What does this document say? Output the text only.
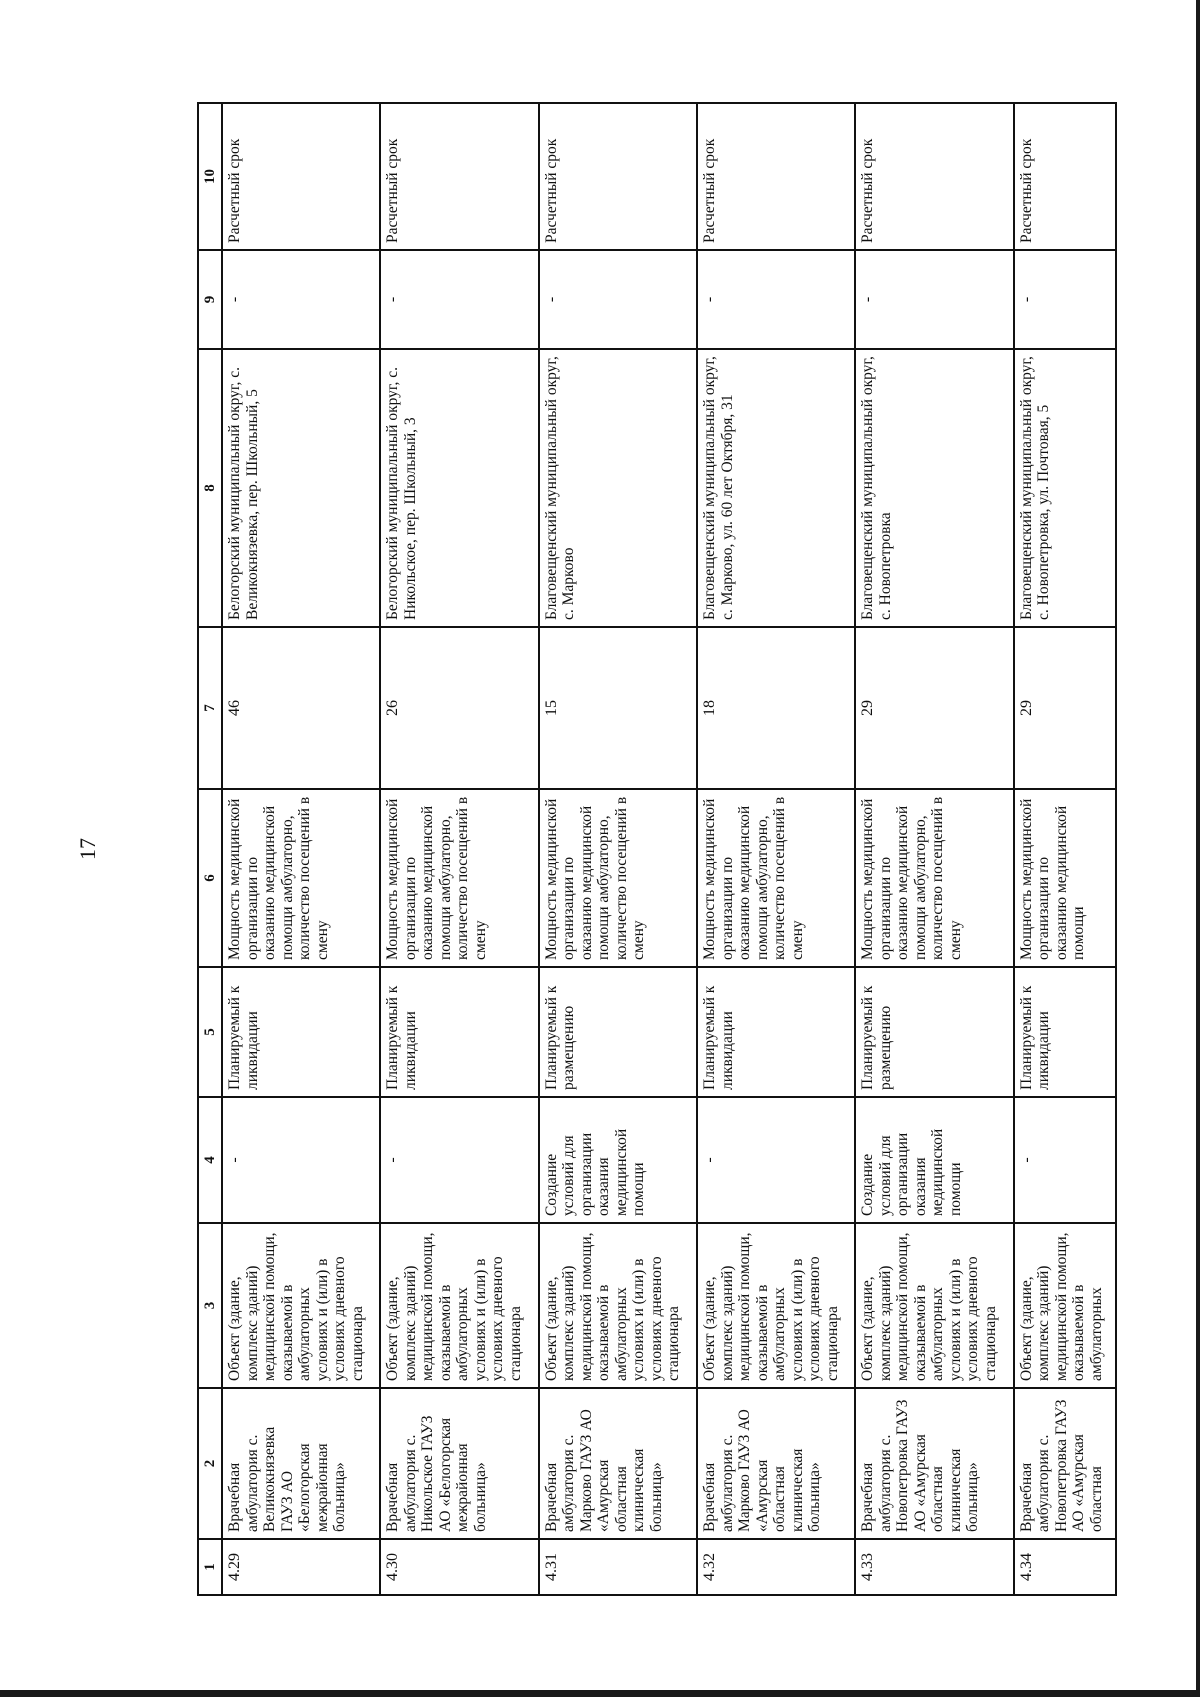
17
1	2	3	4	5	6	7	8	9	10
4.29	Врачебная амбулатория с. Великокнязевка ГАУЗ АО «Белогорская межрайонная больница»	Объект (здание, комплекс зданий) медицинской помощи, оказываемой в амбулаторных условиях и (или) в условиях дневного стационара	-	Планируемый к ликвидации	Мощность медицинской организации по оказанию медицинской помощи амбулаторно, количество посещений в смену	46	Белогорский муниципальный округ, с. Великокнязевка, пер. Школьный, 5	-	Расчетный срок
4.30	Врачебная амбулатория с. Никольское ГАУЗ АО «Белогорская межрайонная больница»	Объект (здание, комплекс зданий) медицинской помощи, оказываемой в амбулаторных условиях и (или) в условиях дневного стационара	-	Планируемый к ликвидации	Мощность медицинской организации по оказанию медицинской помощи амбулаторно, количество посещений в смену	26	Белогорский муниципальный округ, с. Никольское, пер. Школьный, 3	-	Расчетный срок
4.31	Врачебная амбулатория с. Марково ГАУЗ АО «Амурская областная клиническая больница»	Объект (здание, комплекс зданий) медицинской помощи, оказываемой в амбулаторных условиях и (или) в условиях дневного стационара	Создание условий для организации оказания медицинской помощи	Планируемый к размещению	Мощность медицинской организации по оказанию медицинской помощи амбулаторно, количество посещений в смену	15	Благовещенский муниципальный округ, с. Марково	-	Расчетный срок
4.32	Врачебная амбулатория с. Марково ГАУЗ АО «Амурская областная клиническая больница»	Объект (здание, комплекс зданий) медицинской помощи, оказываемой в амбулаторных условиях и (или) в условиях дневного стационара	-	Планируемый к ликвидации	Мощность медицинской организации по оказанию медицинской помощи амбулаторно, количество посещений в смену	18	Благовещенский муниципальный округ, с. Марково, ул. 60 лет Октября, 31	-	Расчетный срок
4.33	Врачебная амбулатория с. Новопетровка ГАУЗ АО «Амурская областная клиническая больница»	Объект (здание, комплекс зданий) медицинской помощи, оказываемой в амбулаторных условиях и (или) в условиях дневного стационара	Создание условий для организации оказания медицинской помощи	Планируемый к размещению	Мощность медицинской организации по оказанию медицинской помощи амбулаторно, количество посещений в смену	29	Благовещенский муниципальный округ, с. Новопетровка	-	Расчетный срок
4.34	Врачебная амбулатория с. Новопетровка ГАУЗ АО «Амурская областная	Объект (здание, комплекс зданий) медицинской помощи, оказываемой в амбулаторных	-	Планируемый к ликвидации	Мощность медицинской организации по оказанию медицинской помощи	29	Благовещенский муниципальный округ, с. Новопетровка, ул. Почтовая, 5	-	Расчетный срок
